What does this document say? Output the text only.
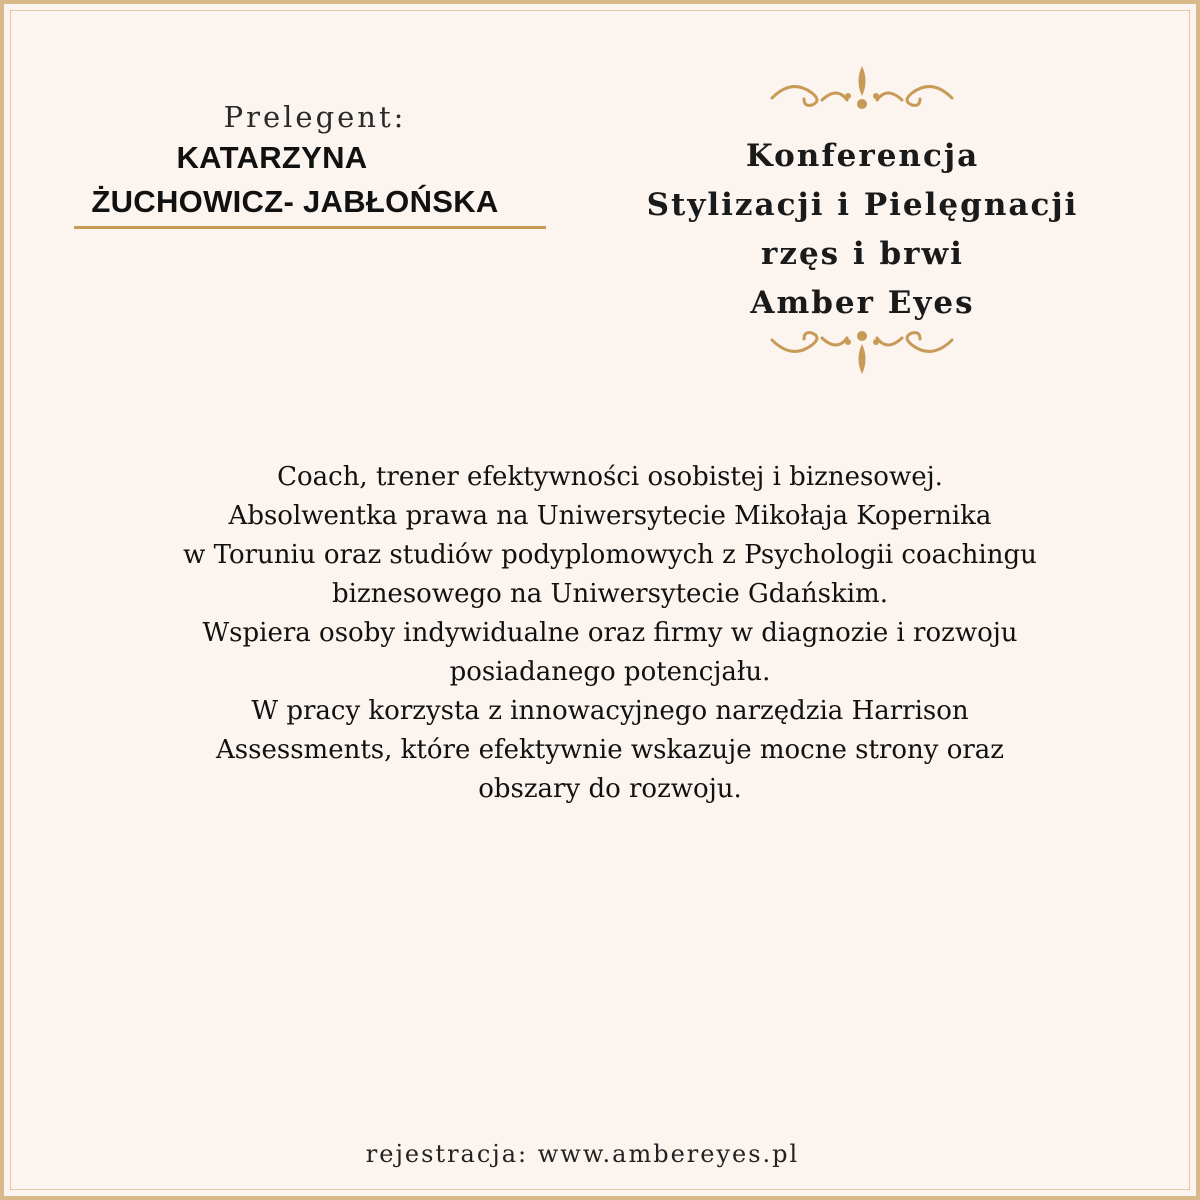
Prelegent:
KATARZYNA
ŻUCHOWICZ- JABŁOŃSKA
Konferencja
Stylizacji i Pielęgnacji
rzęs i brwi
Amber Eyes

Coach, trener efektywności osobistej i biznesowej.

Absolwentka prawa na Uniwersytecie Mikołaja Kopernika

w Toruniu oraz studiów podyplomowych z Psychologii coachingu

biznesowego na Uniwersytecie Gdańskim.

Wspiera osoby indywidualne oraz firmy w diagnozie i rozwoju

posiadanego potencjału.

W pracy korzysta z innowacyjnego narzędzia Harrison

Assessments, które efektywnie wskazuje mocne strony oraz

obszary do rozwoju.

rejestracja: www.ambereyes.pl
